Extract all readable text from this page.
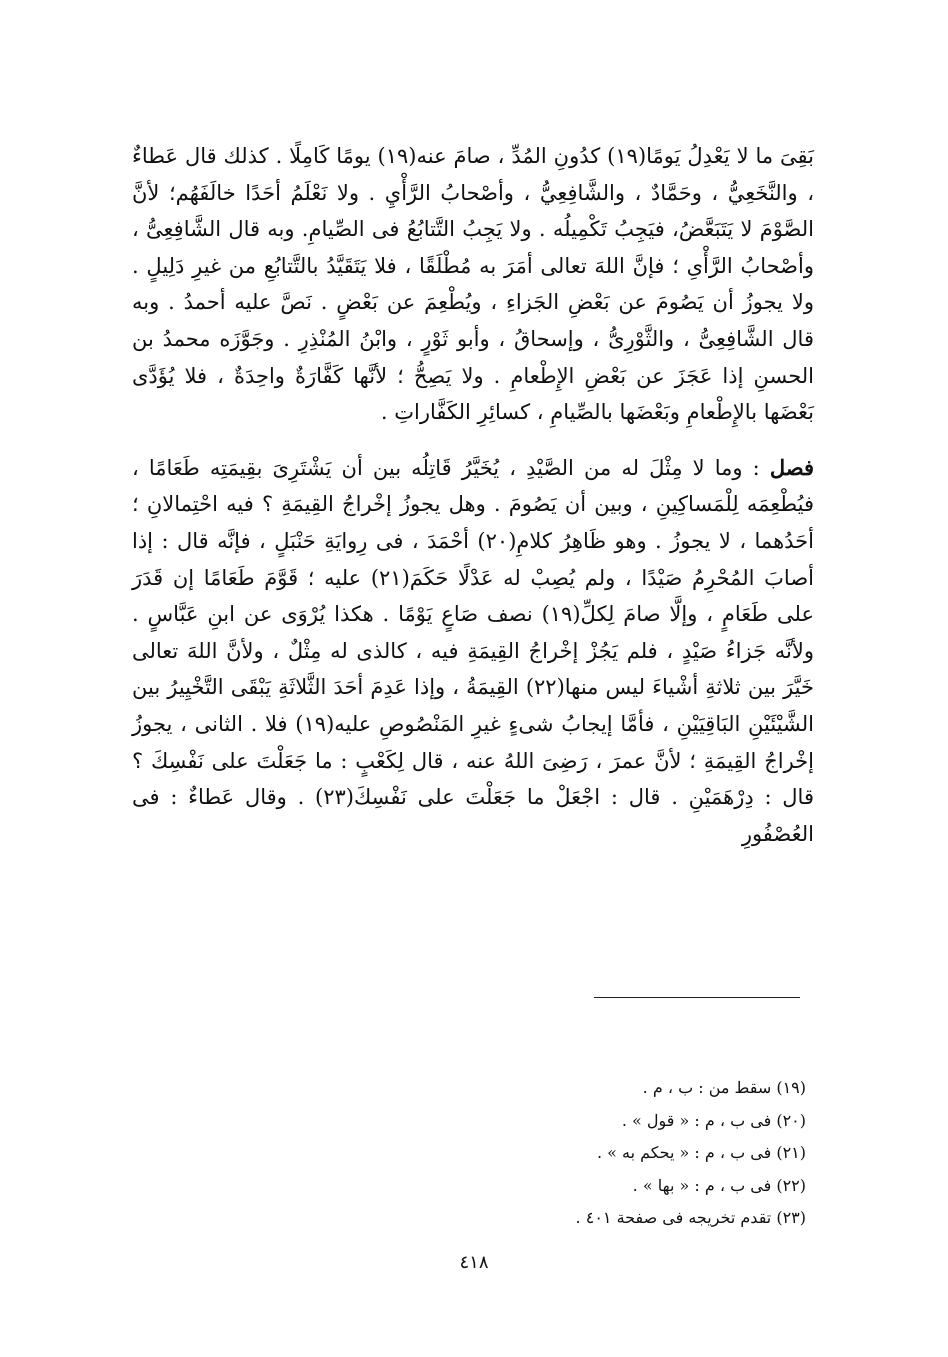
بَقِىَ ما لا يَعْدِلُ يَومًا(١٩) كدُونِ المُدِّ ، صامَ عنه(١٩) يومًا كَامِلًا . كذلك قال عَطاءٌ ، والنَّخَعِيُّ ، وحَمَّادٌ ، والشَّافِعِيُّ ، وأصْحابُ الرَّأْيِ . ولا نَعْلَمُ أحَدًا خالَفَهُم؛ لأنَّ الصَّوْمَ لا يَتَبَعَّضُ، فيَجِبُ تَكْمِيلُه . ولا يَجِبُ التَّتابُعُ فى الصِّيامِ. وبه قال الشَّافِعِىُّ ، وأصْحابُ الرَّأْىِ ؛ فإنَّ اللهَ تعالى أمَرَ به مُطْلَقًا ، فلا يَتَقَيَّدُ بالتَّتابُعِ من غيرِ دَلِيلٍ . ولا يجوزُ أن يَصُومَ عن بَعْضِ الجَزاءِ ، ويُطْعِمَ عن بَعْضٍ . نَصَّ عليه أحمدُ . وبه قال الشَّافِعِىُّ ، والثَّوْرِىُّ ، وإسحاقُ ، وأبو ثَوْرٍ ، وابْنُ المُنْذِرِ . وجَوَّزَه محمدُ بن الحسنِ إذا عَجَزَ عن بَعْضِ الإِطْعامِ . ولا يَصِحُّ ؛ لأنَّها كَفَّارَةٌ واحِدَةٌ ، فلا يُؤَدَّى بَعْضَها بالإِطْعامِ وبَعْضَها بالصِّيامِ ، كسائِرِ الكَفَّاراتِ .

فصل : وما لا مِثْلَ له من الصَّيْدِ ، يُخَيَّرُ قَاتِلُه بين أن يَشْتَرِىَ بقِيمَتِه طَعَامًا ، فيُطْعِمَه لِلْمَساكِينِ ، وبين أن يَصُومَ . وهل يجوزُ إخْراجُ القِيمَةِ ؟ فيه احْتِمالانِ ؛ أحَدُهما ، لا يجوزُ . وهو ظَاهِرُ كلامِ(٢٠) أحْمَدَ ، فى رِوايَةِ حَنْبَلٍ ، فإنَّه قال : إذا أصابَ المُحْرِمُ صَيْدًا ، ولم يُصِبْ له عَدْلًا حَكَمَ(٢١) عليه ؛ قَوَّمَ طَعَامًا إن قَدَرَ على طَعَامٍ ، وإلَّا صامَ لِكلِّ(١٩) نصف صَاعٍ يَوْمًا . هكذا يُرْوَى عن ابنِ عَبَّاسٍ . ولأنَّه جَزاءُ صَيْدٍ ، فلم يَجُزْ إخْراجُ القِيمَةِ فيه ، كالذى له مِثْلٌ ، ولأنَّ اللهَ تعالى خَيَّرَ بين ثلاثةِ أشْياءَ ليس منها(٢٢) القِيمَةُ ، وإذا عَدِمَ أحَدَ الثَّلاثَةِ يَبْقَى التَّخْيِيرُ بين الشَّيْئَيْنِ البَاقِيَيْنِ ، فأمَّا إيجابُ شىءٍ غيرِ المَنْصُوصِ عليه(١٩) فلا . الثانى ، يجوزُ إخْراجُ القِيمَةِ ؛ لأنَّ عمرَ ، رَضِىَ اللهُ عنه ، قال لِكَعْبٍ : ما جَعَلْتَ على نَفْسِكَ ؟ قال : دِرْهَمَيْنِ . قال : اجْعَلْ ما جَعَلْتَ على نَفْسِكَ(٢٣) . وقال عَطاءٌ : فى العُصْفُورِ

(١٩) سقط من : ب ، م .

(٢٠) فى ب ، م : « قول » .

(٢١) فى ب ، م : « يحكم به » .

(٢٢) فى ب ، م : « بها » .

(٢٣) تقدم تخريجه فى صفحة ٤٠١ .

٤١٨
